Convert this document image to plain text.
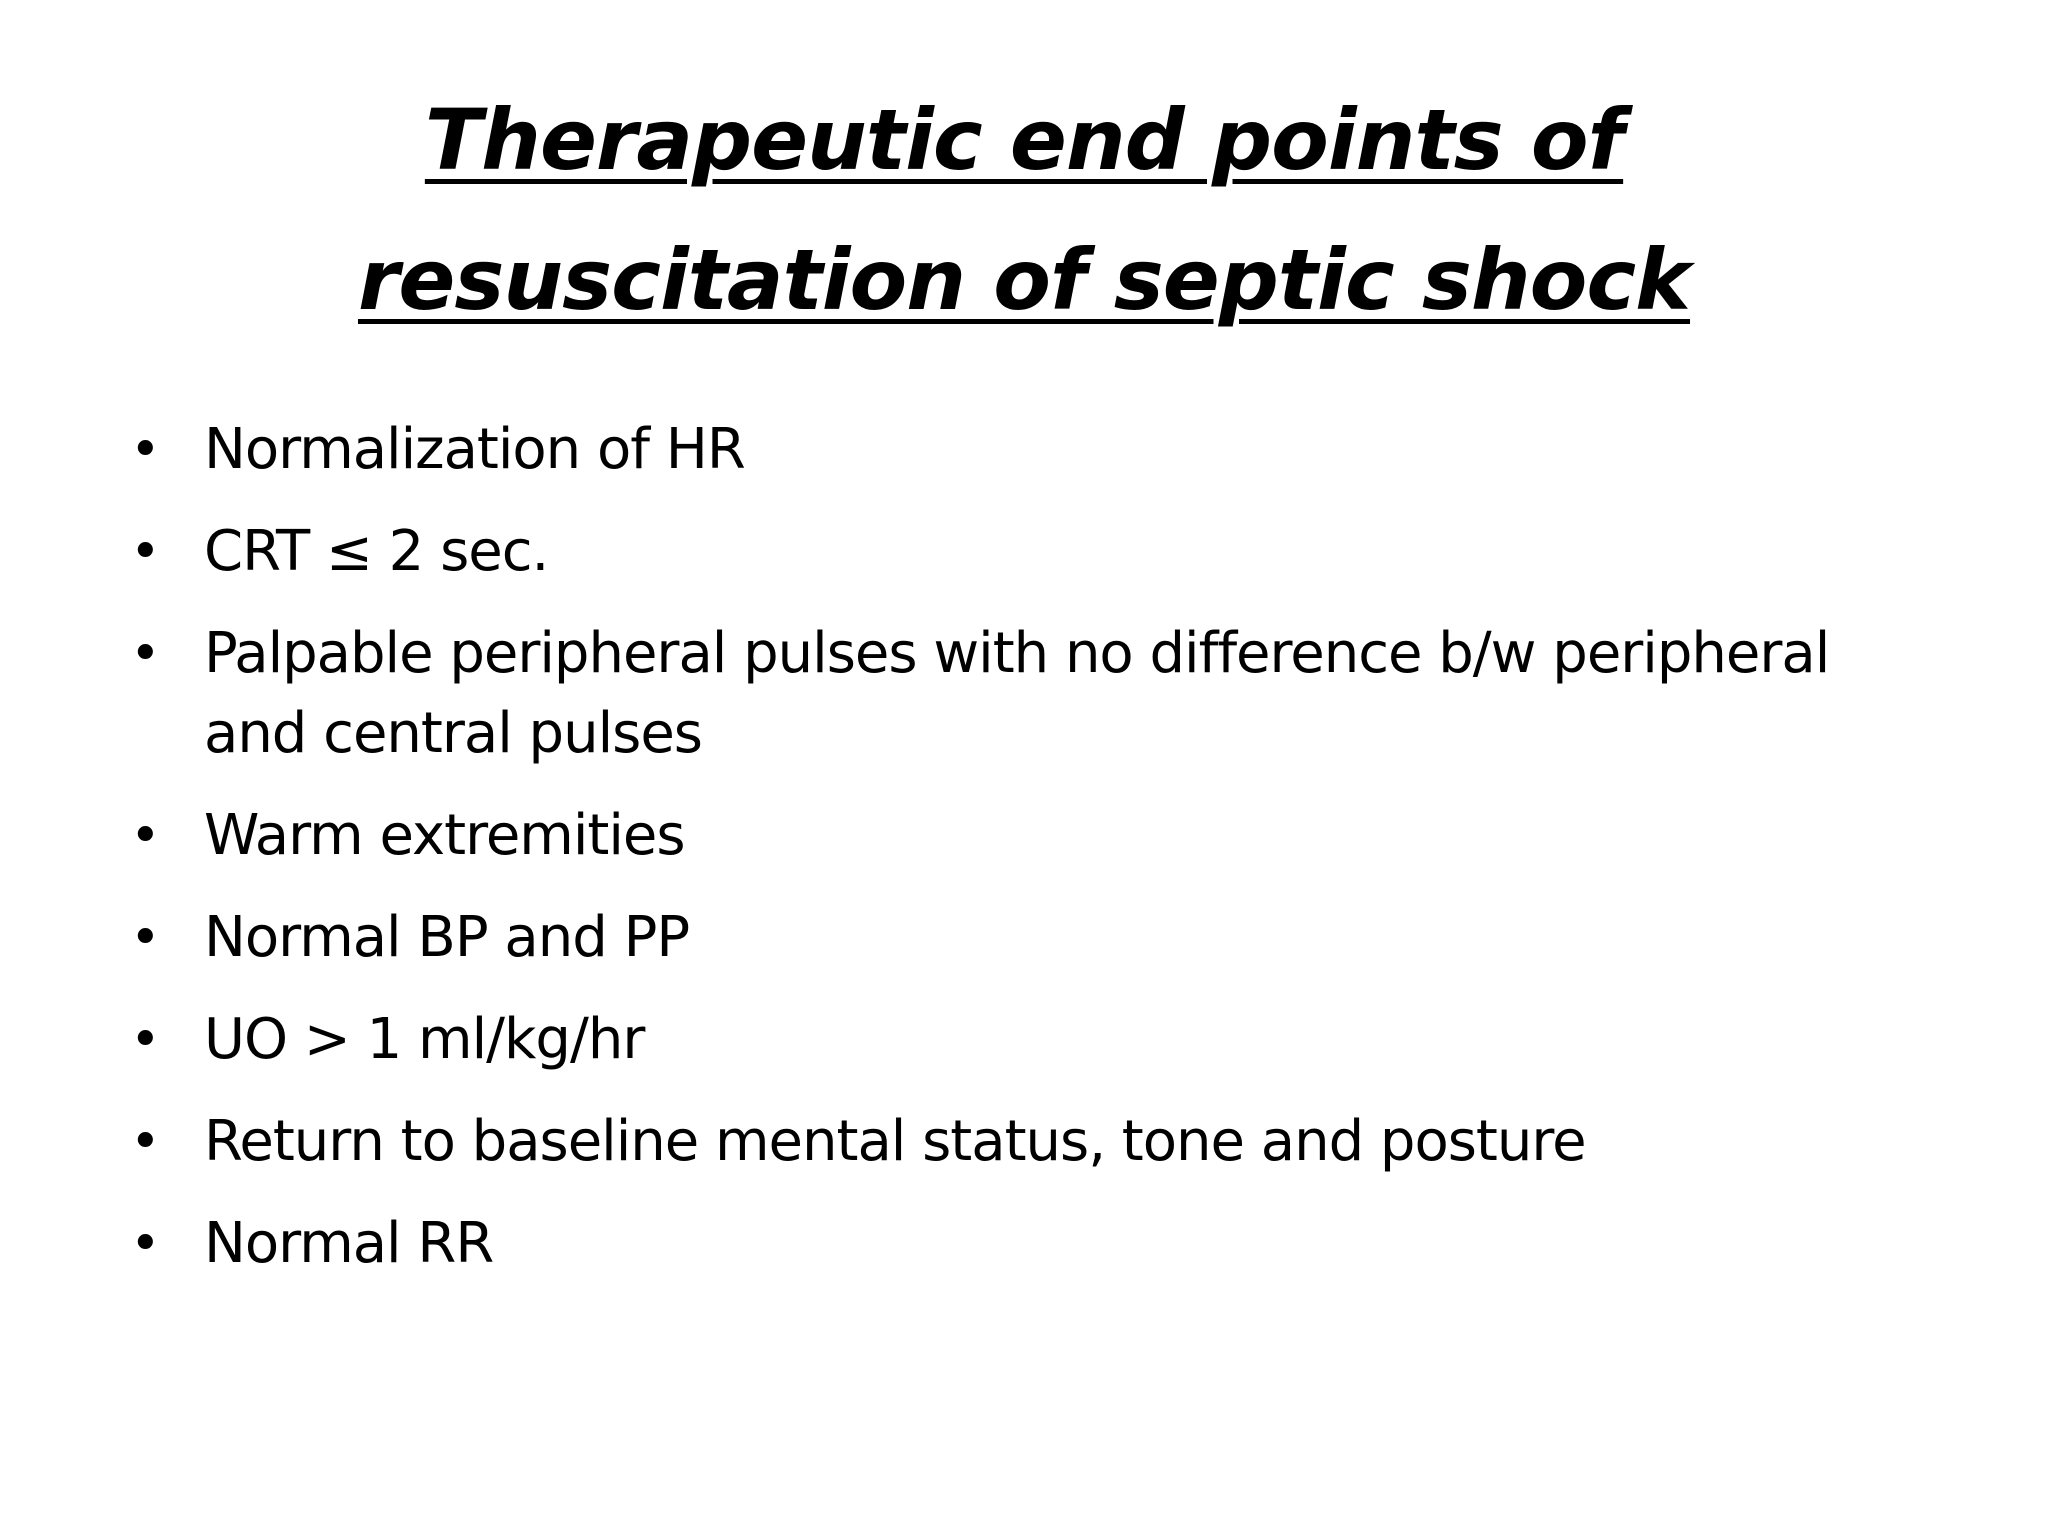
Therapeutic end points of
resuscitation of septic shock
• Normalization of HR
• CRT ≤ 2 sec.
• Palpable peripheral pulses with no difference b/w peripheral and central pulses
• Warm extremities
• Normal BP and PP
• UO > 1 ml/kg/hr
• Return to baseline mental status, tone and posture
• Normal RR
